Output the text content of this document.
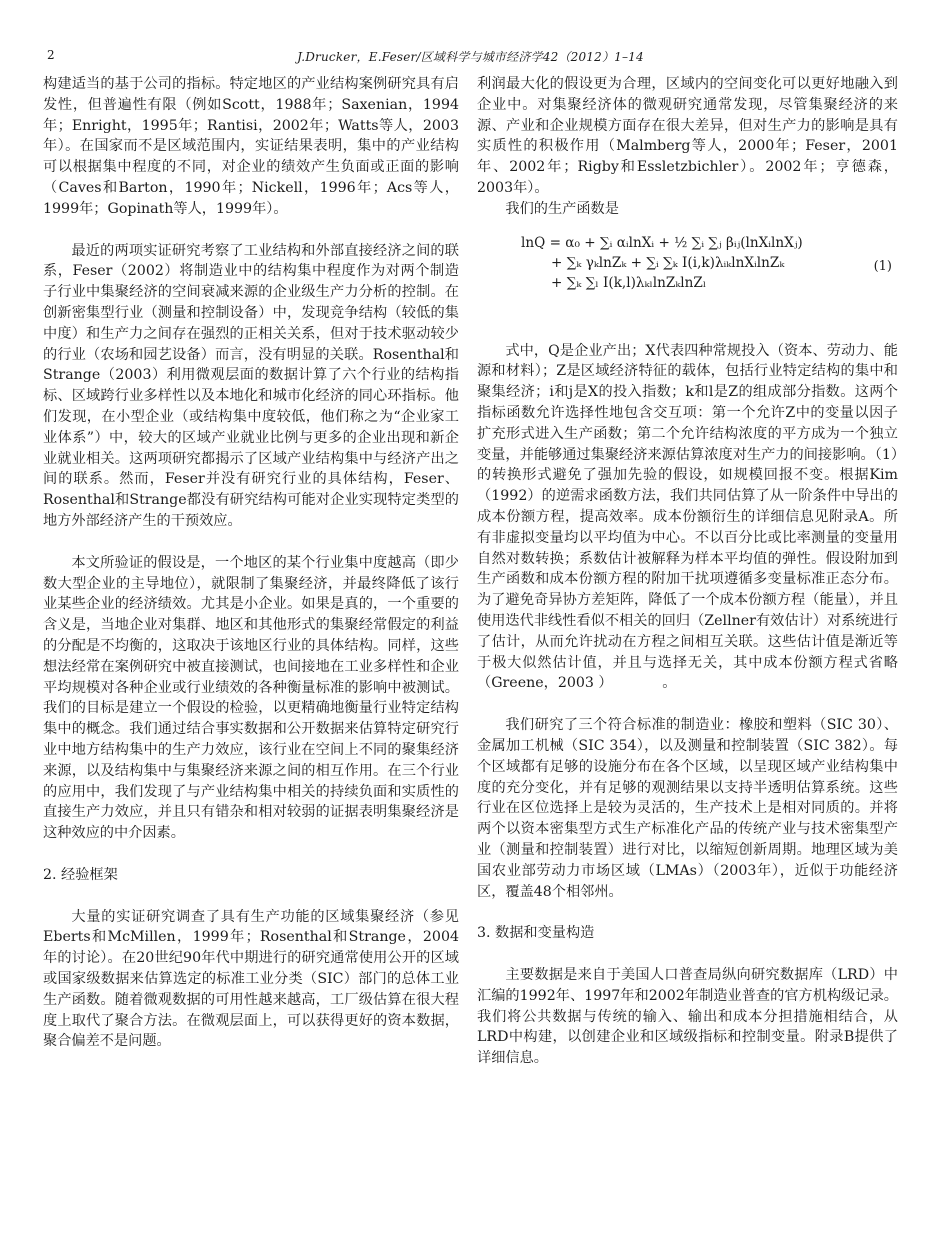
2	J.Drucker，E.Feser/区域科学与城市经济学42（2012）1–14

构建适当的基于公司的指标。特定地区的产业结构案例研究具有启发性，但普遍性有限（例如Scott，1988年；Saxenian，1994年；Enright，1995年；Rantisi，2002年；Watts等人，2003年）。在国家而不是区域范围内，实证结果表明，集中的产业结构可以根据集中程度的不同，对企业的绩效产生负面或正面的影响（Caves和Barton，1990年；Nickell，1996年；Acs等人，1999年；Gopinath等人，1999年）。

最近的两项实证研究考察了工业结构和外部直接经济之间的联系，Feser（2002）将制造业中的结构集中程度作为对两个制造子行业中集聚经济的空间衰减来源的企业级生产力分析的控制。在创新密集型行业（测量和控制设备）中，发现竞争结构（较低的集中度）和生产力之间存在强烈的正相关关系，但对于技术驱动较少的行业（农场和园艺设备）而言，没有明显的关联。Rosenthal和Strange（2003）利用微观层面的数据计算了六个行业的结构指标、区域跨行业多样性以及本地化和城市化经济的同心环指标。他们发现，在小型企业（或结构集中度较低，他们称之为“企业家工业体系”）中，较大的区域产业就业比例与更多的企业出现和新企业就业相关。这两项研究都揭示了区域产业结构集中与经济产出之间的联系。然而，Feser并没有研究行业的具体结构，Feser、Rosenthal和Strange都没有研究结构可能对企业实现特定类型的地方外部经济产生的干预效应。

本文所验证的假设是，一个地区的某个行业集中度越高（即少数大型企业的主导地位），就限制了集聚经济，并最终降低了该行业某些企业的经济绩效。尤其是小企业。如果是真的，一个重要的含义是，当地企业对集群、地区和其他形式的集聚经常假定的利益的分配是不均衡的，这取决于该地区行业的具体结构。同样，这些想法经常在案例研究中被直接测试，也间接地在工业多样性和企业平均规模对各种企业或行业绩效的各种衡量标准的影响中被测试。我们的目标是建立一个假设的检验，以更精确地衡量行业特定结构集中的概念。我们通过结合事实数据和公开数据来估算特定研究行业中地方结构集中的生产力效应，该行业在空间上不同的聚集经济来源，以及结构集中与集聚经济来源之间的相互作用。在三个行业的应用中，我们发现了与产业结构集中相关的持续负面和实质性的直接生产力效应，并且只有错杂和相对较弱的证据表明集聚经济是这种效应的中介因素。

2. 经验框架

大量的实证研究调查了具有生产功能的区域集聚经济（参见Eberts和McMillen，1999年；Rosenthal和Strange，2004年的讨论）。在20世纪90年代中期进行的研究通常使用公开的区域或国家级数据来估算选定的标准工业分类（SIC）部门的总体工业生产函数。随着微观数据的可用性越来越高，工厂级估算在很大程度上取代了聚合方法。在微观层面上，可以获得更好的资本数据，聚合偏差不是问题。

利润最大化的假设更为合理，区域内的空间变化可以更好地融入到企业中。对集聚经济体的微观研究通常发现，尽管集聚经济的来源、产业和企业规模方面存在很大差异，但对生产力的影响是具有实质性的积极作用（Malmberg等人，2000年；Feser，2001年、2002年；Rigby和Essletzbichler）。2002年；亨德森，2003年）。

我们的生产函数是

lnQ = α₀ + ∑ᵢ αᵢlnXᵢ + ½ ∑ᵢ ∑ⱼ βᵢⱼ(lnXᵢlnXⱼ)
+ ∑ₖ γₖlnZₖ + ∑ᵢ ∑ₖ I(i,k)λᵢₖlnXᵢlnZₖ
+ ∑ₖ ∑ₗ I(k,l)λₖₗlnZₖlnZₗ
(1)

式中，Q是企业产出；X代表四种常规投入（资本、劳动力、能源和材料）；Z是区域经济特征的载体，包括行业特定结构的集中和聚集经济；i和j是X的投入指数；k和l是Z的组成部分指数。这两个指标函数允许选择性地包含交互项：第一个允许Z中的变量以因子扩充形式进入生产函数；第二个允许结构浓度的平方成为一个独立变量，并能够通过集聚经济来源估算浓度对生产力的间接影响。（1）的转换形式避免了强加先验的假设，如规模回报不变。根据Kim（1992）的逆需求函数方法，我们共同估算了从一阶条件中导出的成本份额方程，提高效率。成本份额衍生的详细信息见附录A。所有非虚拟变量均以平均值为中心。不以百分比或比率测量的变量用自然对数转换；系数估计被解释为样本平均值的弹性。假设附加到生产函数和成本份额方程的附加干扰项遵循多变量标准正态分布。为了避免奇异协方差矩阵，降低了一个成本份额方程（能量），并且使用迭代非线性看似不相关的回归（Zellner有效估计）对系统进行了估计，从而允许扰动在方程之间相互关联。这些估计值是渐近等于极大似然估计值，并且与选择无关，其中成本份额方程式省略（Greene，2003 ）　　　　。

我们研究了三个符合标准的制造业：橡胶和塑料（SIC 30）、金属加工机械（SIC 354），以及测量和控制装置（SIC 382）。每个区域都有足够的设施分布在各个区域，以呈现区域产业结构集中度的充分变化，并有足够的观测结果以支持半透明估算系统。这些行业在区位选择上是较为灵活的，生产技术上是相对同质的。并将两个以资本密集型方式生产标准化产品的传统产业与技术密集型产业（测量和控制装置）进行对比，以缩短创新周期。地理区域为美国农业部劳动力市场区域（LMAs）（2003年），近似于功能经济区，覆盖48个相邻州。

3. 数据和变量构造

主要数据是来自于美国人口普查局纵向研究数据库（LRD）中汇编的1992年、1997年和2002年制造业普查的官方机构级记录。我们将公共数据与传统的输入、输出和成本分担措施相结合，从LRD中构建，以创建企业和区域级指标和控制变量。附录B提供了详细信息。
